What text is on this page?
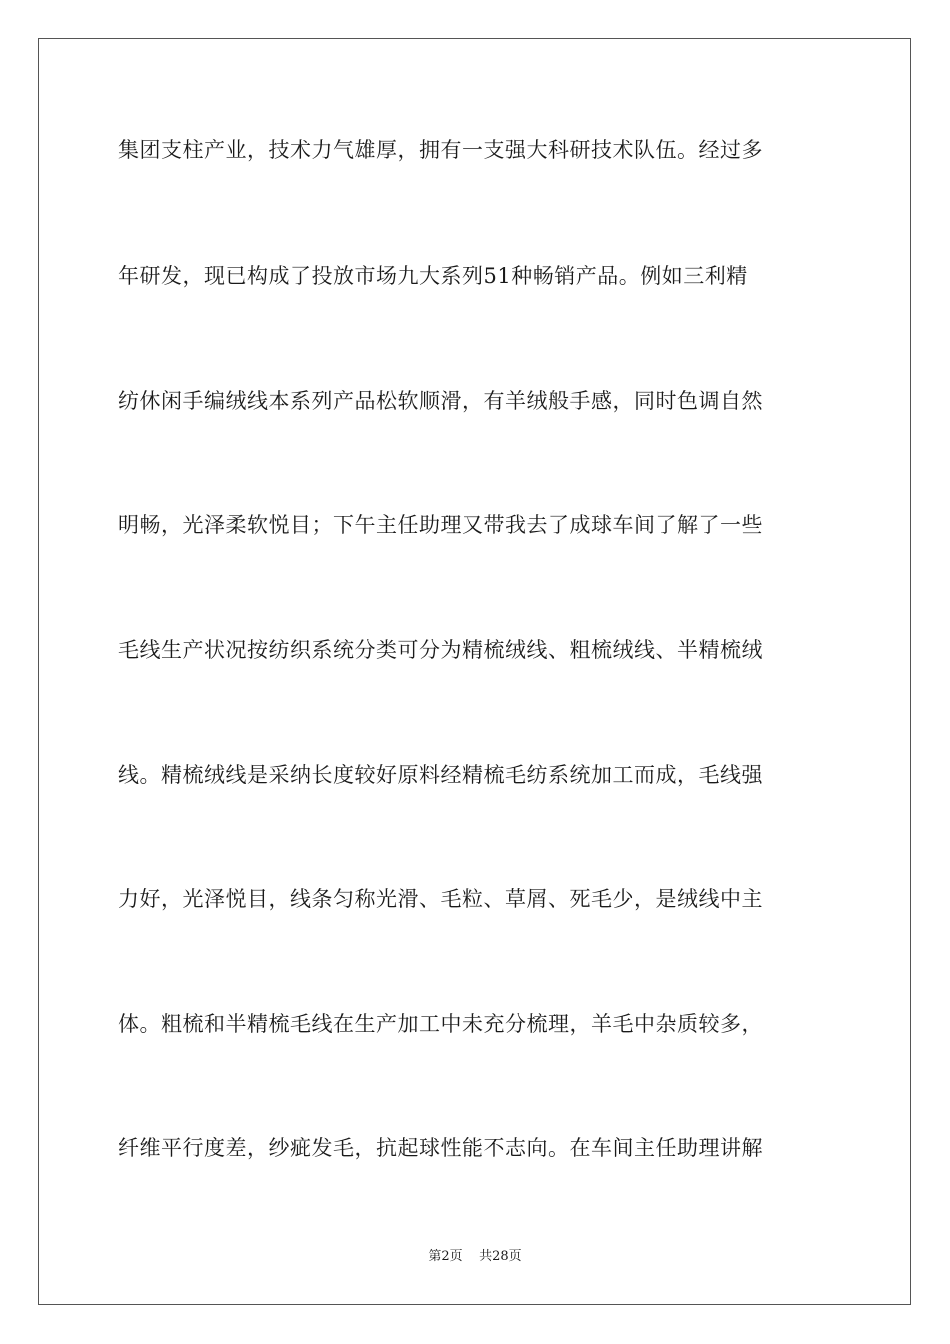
集团支柱产业，技术力气雄厚，拥有一支强大科研技术队伍。经过多
年研发，现已构成了投放市场九大系列51种畅销产品。例如三利精
纺休闲手编绒线本系列产品松软顺滑，有羊绒般手感，同时色调自然
明畅，光泽柔软悦目；下午主任助理又带我去了成球车间了解了一些
毛线生产状况按纺织系统分类可分为精梳绒线、粗梳绒线、半精梳绒
线。精梳绒线是采纳长度较好原料经精梳毛纺系统加工而成，毛线强
力好，光泽悦目，线条匀称光滑、毛粒、草屑、死毛少，是绒线中主
体。粗梳和半精梳毛线在生产加工中未充分梳理，羊毛中杂质较多，
纤维平行度差，纱疵发毛，抗起球性能不志向。在车间主任助理讲解
第2页    共28页
